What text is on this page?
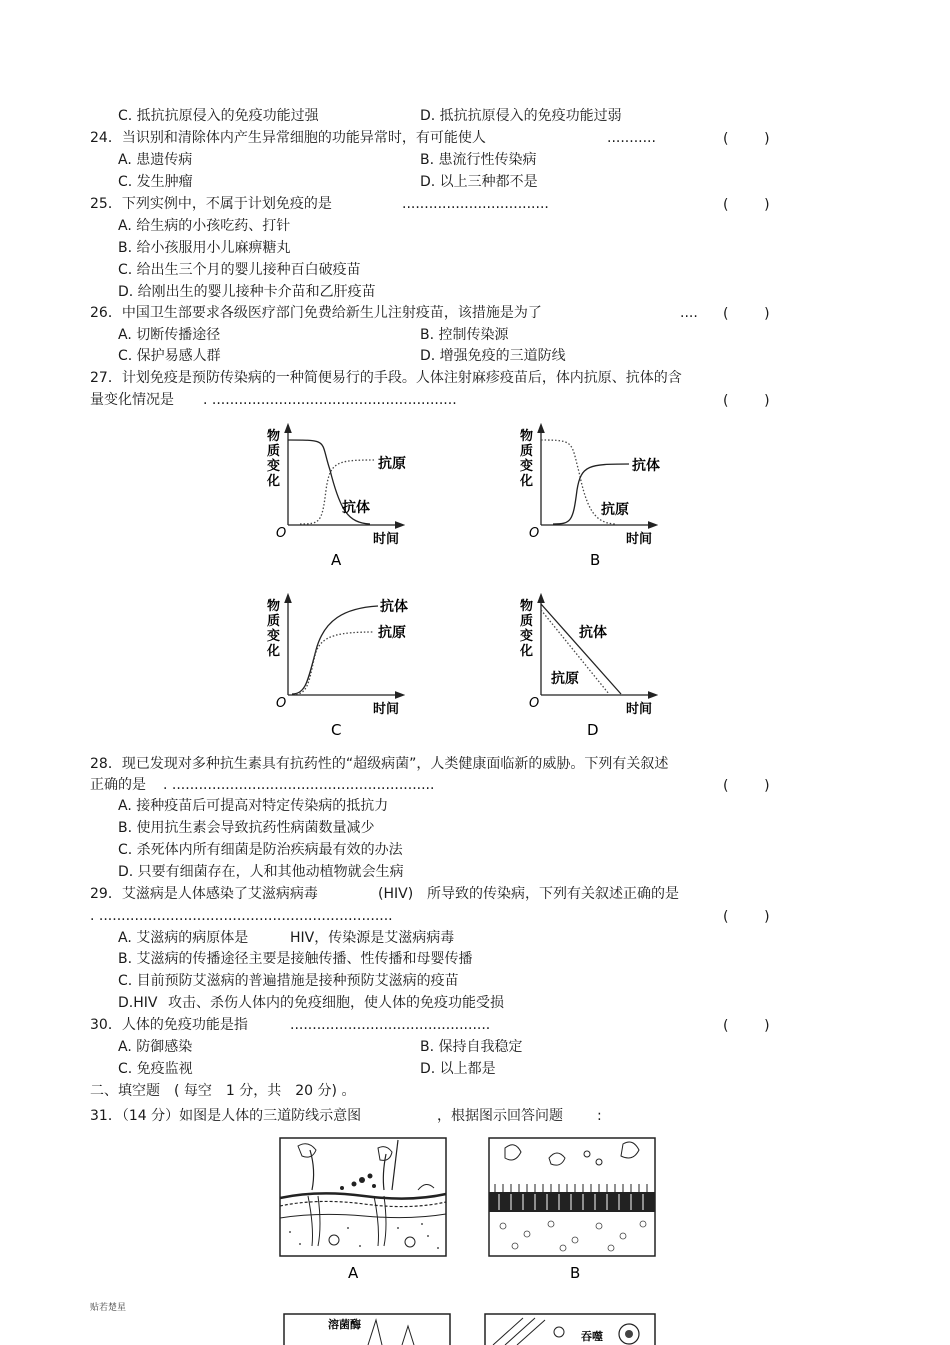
C. 抵抗抗原侵入的免疫功能过强	D. 抵抗抗原侵入的免疫功能过弱
24．当识别和清除体内产生异常细胞的功能异常时，有可能使人	...........	(        )
A. 患遗传病	B. 患流行性传染病
C. 发生肿瘤	D. 以上三种都不是
25．下列实例中，不属于计划免疫的是	.................................	(        )
A. 给生病的小孩吃药、打针
B. 给小孩服用小儿麻痹糖丸
C. 给出生三个月的婴儿接种百白破疫苗
D. 给刚出生的婴儿接种卡介苗和乙肝疫苗
26．中国卫生部要求各级医疗部门免费给新生儿注射疫苗，该措施是为了	.... (        )
A. 切断传播途径	B. 控制传染源
C. 保护易感人群	D. 增强免疫的三道防线
27．计划免疫是预防传染病的一种简便易行的手段。人体注射麻疹疫苗后，体内抗原、抗体的含
量变化情况是 . .......................................................	(        )
物
质
变
化
O	时间
抗原
抗体
A
物
质
变
化
O	时间
抗体
抗原
B
物
质
变
化
O	时间
抗体
抗原
C
物
质
变
化
O	时间
抗体
抗原
D
28．现已发现对多种抗生素具有抗药性的“超级病菌”，人类健康面临新的威胁。下列有关叙述
正确的是 . ...........................................................	(        )
A. 接种疫苗后可提高对特定传染病的抵抗力
B. 使用抗生素会导致抗药性病菌数量减少
C. 杀死体内所有细菌是防治疾病最有效的办法
D. 只要有细菌存在，人和其他动植物就会生病
29．艾滋病是人体感染了艾滋病病毒	(HIV) 所导致的传染病，下列有关叙述正确的是
. ..................................................................	(        )
A. 艾滋病的病原体是	HIV，传染源是艾滋病病毒
B. 艾滋病的传播途径主要是接触传播、性传播和母婴传播
C. 目前预防艾滋病的普遍措施是接种预防艾滋病的疫苗
D.HIV 攻击、杀伤人体内的免疫细胞，使人体的免疫功能受损
30．人体的免疫功能是指	.............................................	(        )
A. 防御感染	B. 保持自我稳定
C. 免疫监视	D. 以上都是
二、填空题　( 每空　1 分，共　20 分) 。
31．（14 分）如图是人体的三道防线示意图	，根据图示回答问题 :
A	B
溶菌酶
吞噬
贴若楚星
